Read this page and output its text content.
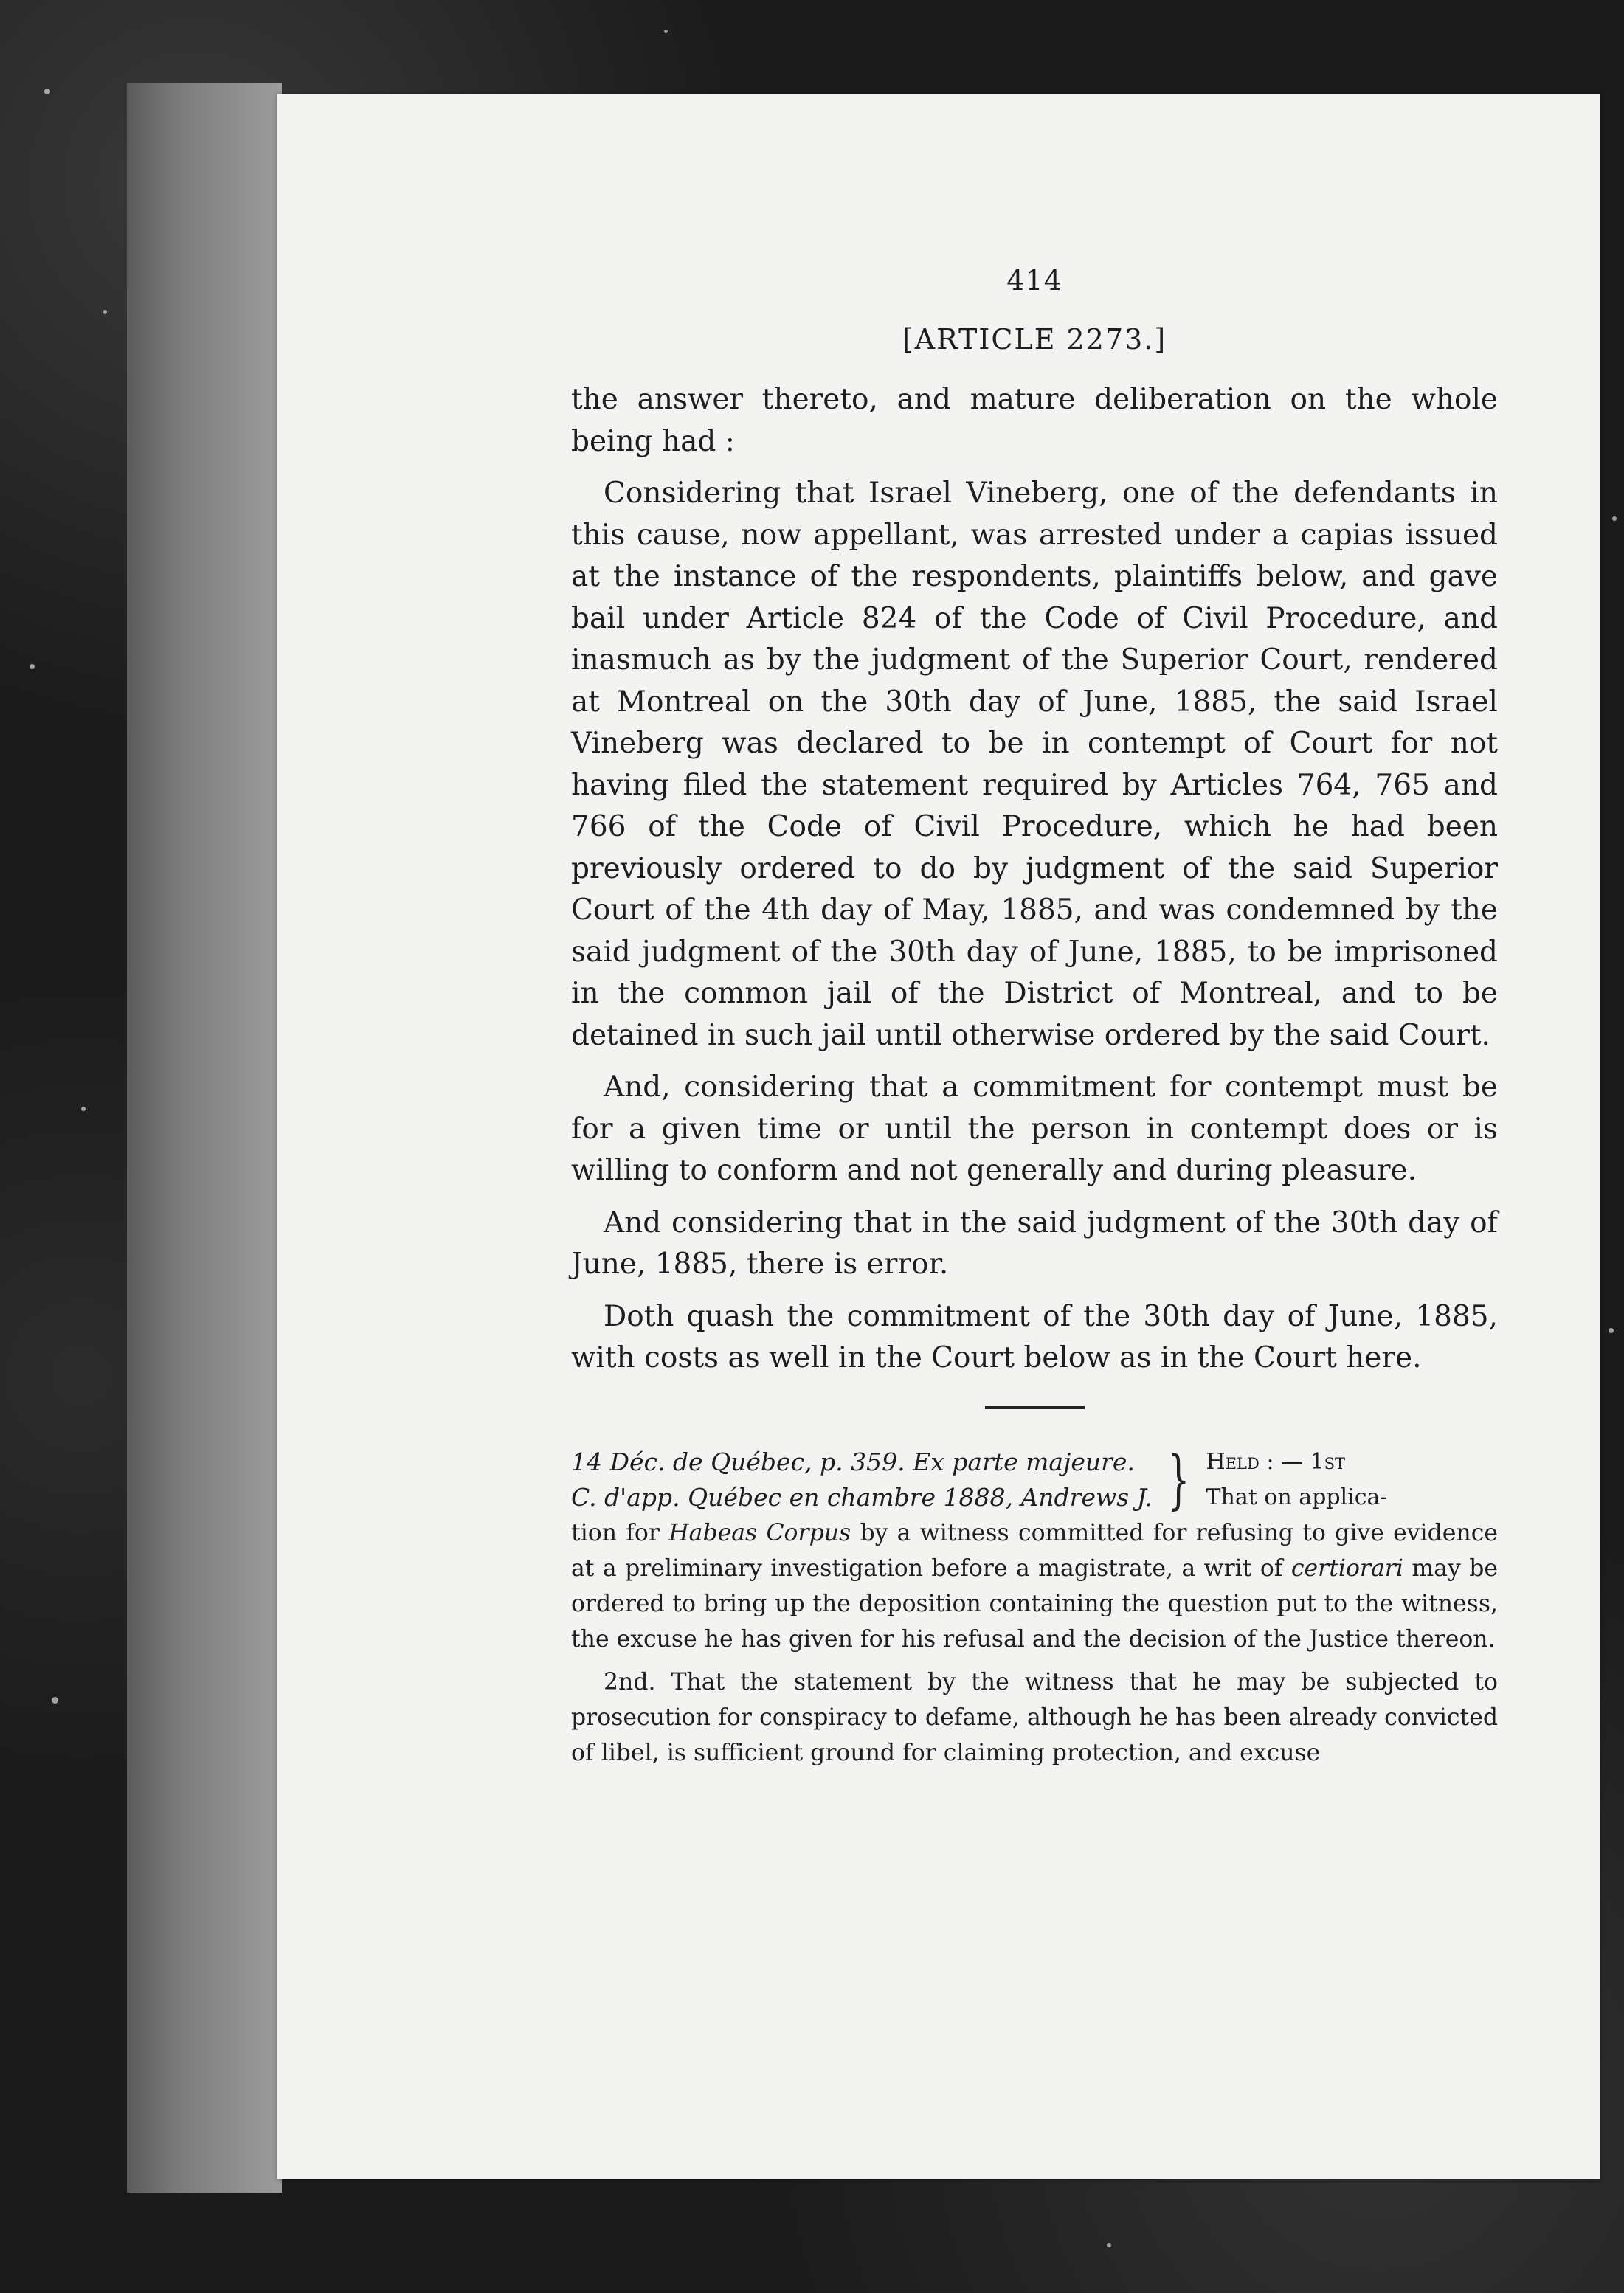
414
[ARTICLE 2273.]

the answer thereto, and mature deliberation on the whole being had :

Considering that Israel Vineberg, one of the defendants in this cause, now appellant, was arrested under a capias issued at the instance of the respondents, plaintiffs below, and gave bail under Article 824 of the Code of Civil Procedure, and inasmuch as by the judgment of the Superior Court, rendered at Montreal on the 30th day of June, 1885, the said Israel Vineberg was declared to be in contempt of Court for not having filed the statement required by Articles 764, 765 and 766 of the Code of Civil Procedure, which he had been previously ordered to do by judgment of the said Superior Court of the 4th day of May, 1885, and was condemned by the said judgment of the 30th day of June, 1885, to be imprisoned in the common jail of the District of Montreal, and to be detained in such jail until otherwise ordered by the said Court.

And, considering that a commitment for contempt must be for a given time or until the person in contempt does or is willing to conform and not generally and during pleasure.

And considering that in the said judgment of the 30th day of June, 1885, there is error.

Doth quash the commitment of the 30th day of June, 1885, with costs as well in the Court below as in the Court here.

14 Déc. de Québec, p. 359. Ex parte majeure.
C. d'app. Québec en chambre 1888, Andrews J. } Held : — 1st
That on applica-

tion for Habeas Corpus by a witness committed for refusing to give evidence at a preliminary investigation before a magistrate, a writ of certiorari may be ordered to bring up the deposition containing the question put to the witness, the excuse he has given for his refusal and the decision of the Justice thereon.

2nd. That the statement by the witness that he may be subjected to prosecution for conspiracy to defame, although he has been already convicted of libel, is sufficient ground for claiming protection, and excuse
